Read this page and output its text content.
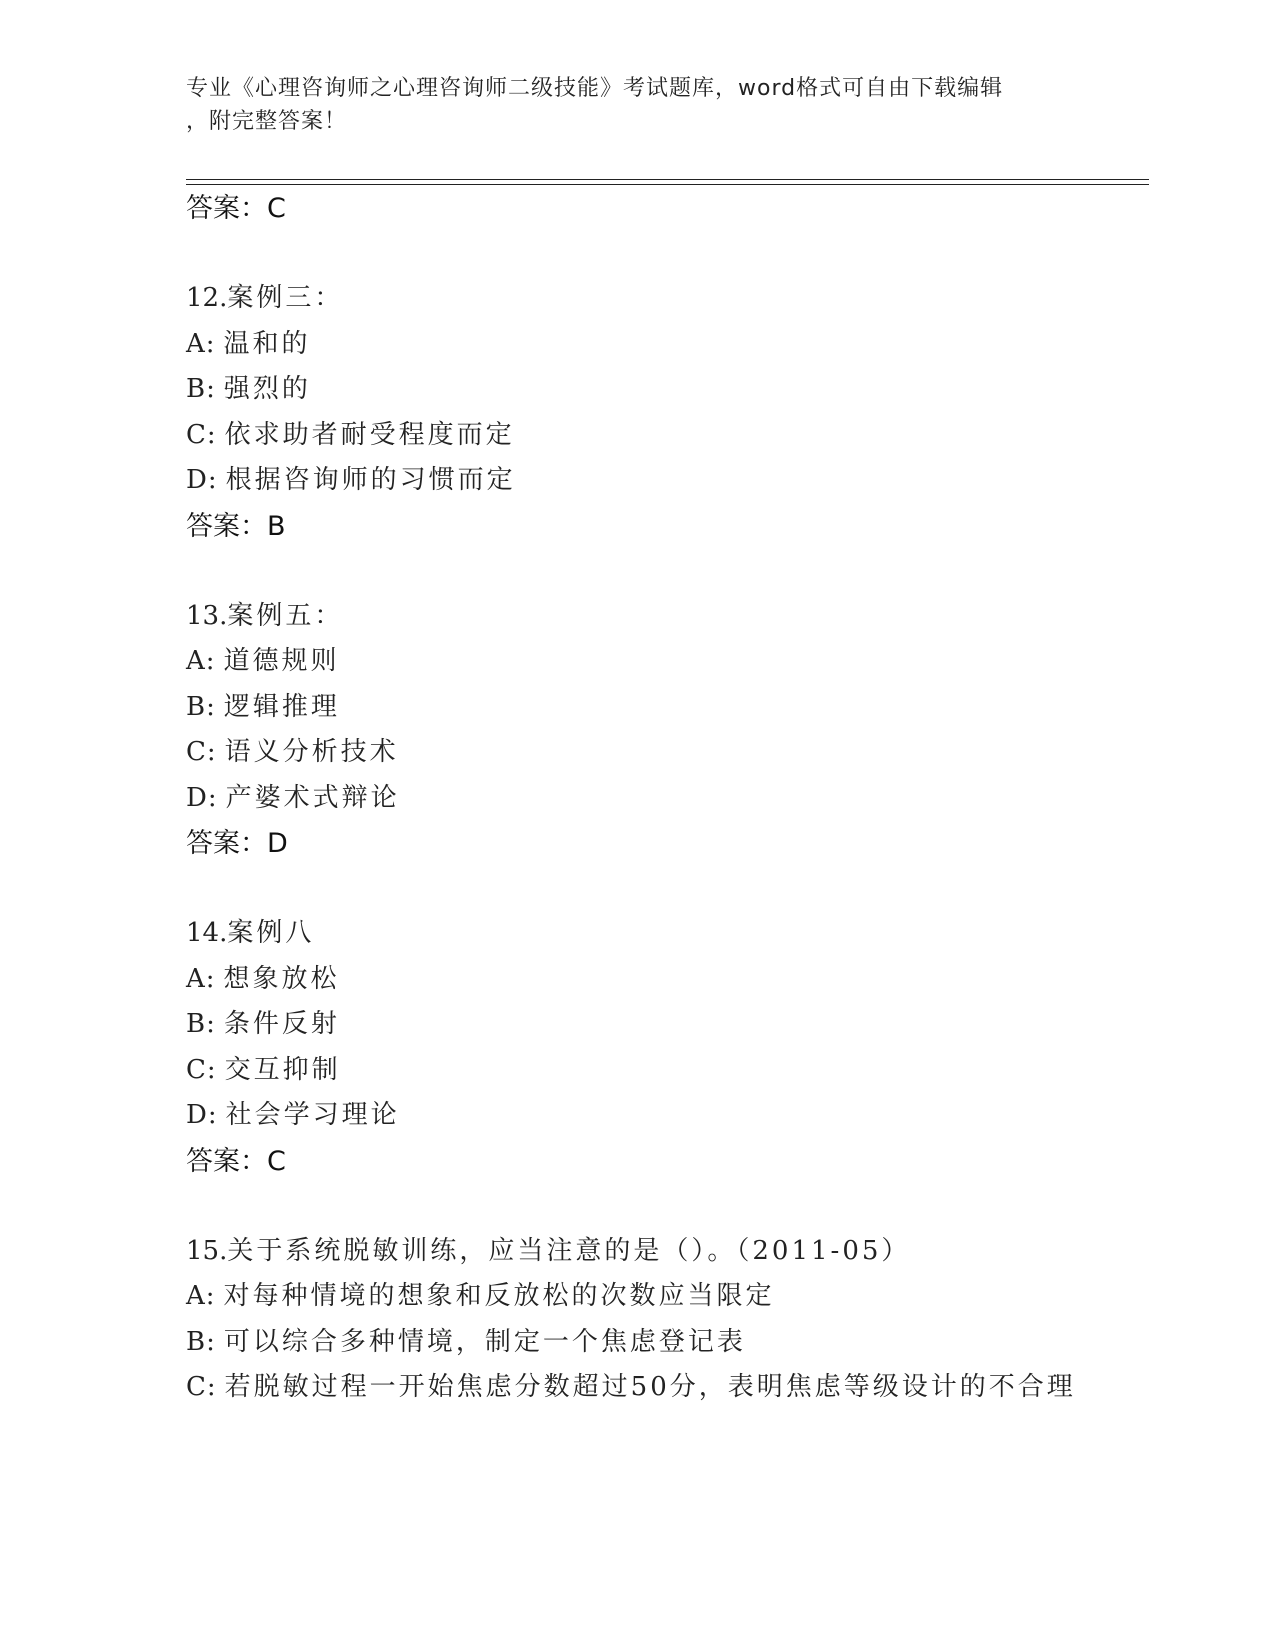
专业《心理咨询师之心理咨询师二级技能》考试题库，word格式可自由下载编辑
，附完整答案！
答案：C
12.案例三：
A: 温和的
B: 强烈的
C: 依求助者耐受程度而定
D: 根据咨询师的习惯而定
答案：B
13.案例五：
A: 道德规则
B: 逻辑推理
C: 语义分析技术
D: 产婆术式辩论
答案：D
14.案例八
A: 想象放松
B: 条件反射
C: 交互抑制
D: 社会学习理论
答案：C
15.关于系统脱敏训练，应当注意的是（）。（2011-05）
A: 对每种情境的想象和反放松的次数应当限定
B: 可以综合多种情境，制定一个焦虑登记表
C: 若脱敏过程一开始焦虑分数超过50分，表明焦虑等级设计的不合理
